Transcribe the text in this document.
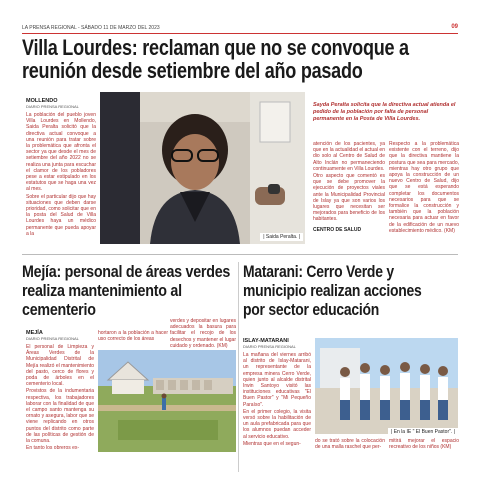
LA PRENSA REGIONAL - SÁBADO 11 DE MARZO DEL 2023	09
Villa Lourdes: reclaman que no se convoque a
reunión desde setiembre del año pasado
MOLLENDO
DIARIO PRENSA REGIONAL

La población del pueblo joven Villa Lourdes en Mollendo, Saida Peralta solicitó que la directiva actual convoque a una reunión para tratar sobre la problemática que afronta el sector ya que desde el mes de setiembre del año 2022 no se realiza una junta para escuchar el clamor de los pobladores pese a estar estipulado en los estatutos que se haga una vez al mes.

Sobre el particular dijo que hay situaciones que deben darse prioridad, como solicitar que en la posta del Salud de Villa Lourdes haya un médico permanente que pueda apoyar a la

| Saida Peralta. |
Sayda Peralta solicita que la directiva actual atienda el pedido de la población por falta de personal permanente en la Posta de Villa Lourdes.

atención de los pacientes, ya que en la actualidad el actual en dio solo al Centro de Salud de Alto Inclán no permaneciendo continuamente en Villa Lourdes.

Otro aspecto que comentó es que se debe promover la ejecución de proyectos viales ante la Municipalidad Provincial de Islay ya que son varios los lugares que necesitan ser mejorados para beneficio de los habitantes.

CENTRO DE SALUD

Respecto a la problemática existente con el terreno, dijo que la directiva mantiene la postura que sea para mercado, mientras hay otro grupo que apoya la construcción de un nuevo Centro de Salud, dijo que se está esperando completar los documentos necesarios para que se formalice la construcción y también que la población necesaria para actuar en favor de la edificación de un nuevo establecimiento médico. (KM)

Mejía: personal de áreas verdes
realiza mantenimiento al
cementerio
MEJÍA
DIARIO PRENSA REGIONAL

El personal de Limpieza y Áreas Verdes de la Municipalidad Distrital de Mejía realizó el mantenimiento del pasto, cerco de flores y poda de árboles en el cementerio local.

Provistos de la indumentaria respectiva, los trabajadores laborar con la finalidad de que el campo santo mantenga su ornato y asegura, labor que se viene replicando en otros puntos del distrito como parte de las políticas de gestión de la comuna.

En tanto los obreros ex-

hortaron a la población a hacer uso correcto de los áreas

verdes y depositar en lugares adecuados la basura para facilitar el recojo de los desechos y mantener el lugar cuidado y ordenado. (KM)

Matarani: Cerro Verde y
municipio realizan acciones
por sector educación
ISLAY-MATARANI
DIARIO PRENSA REGIONAL

La mañana del viernes arribó al distrito de Islay-Matarani, un representante de la empresa minera Cerro Verde, quien junto al alcalde distrital Irwin Santoyo visitó las instituciones educativas "El Buen Pastor" y "Mi Pequeño Paraíso".

En el primer colegio, la visita versó sobre la habilitación de un aula prefabricada para que los alumnos puedan acceder al servicio educativo.

Mientras que en el segun-

| En la IE " El Buen Pastor". |

do se trató sobre la colocación de una malla raschel que per-

mitirá mejorar el espacio recreativo de los niños (KM)
